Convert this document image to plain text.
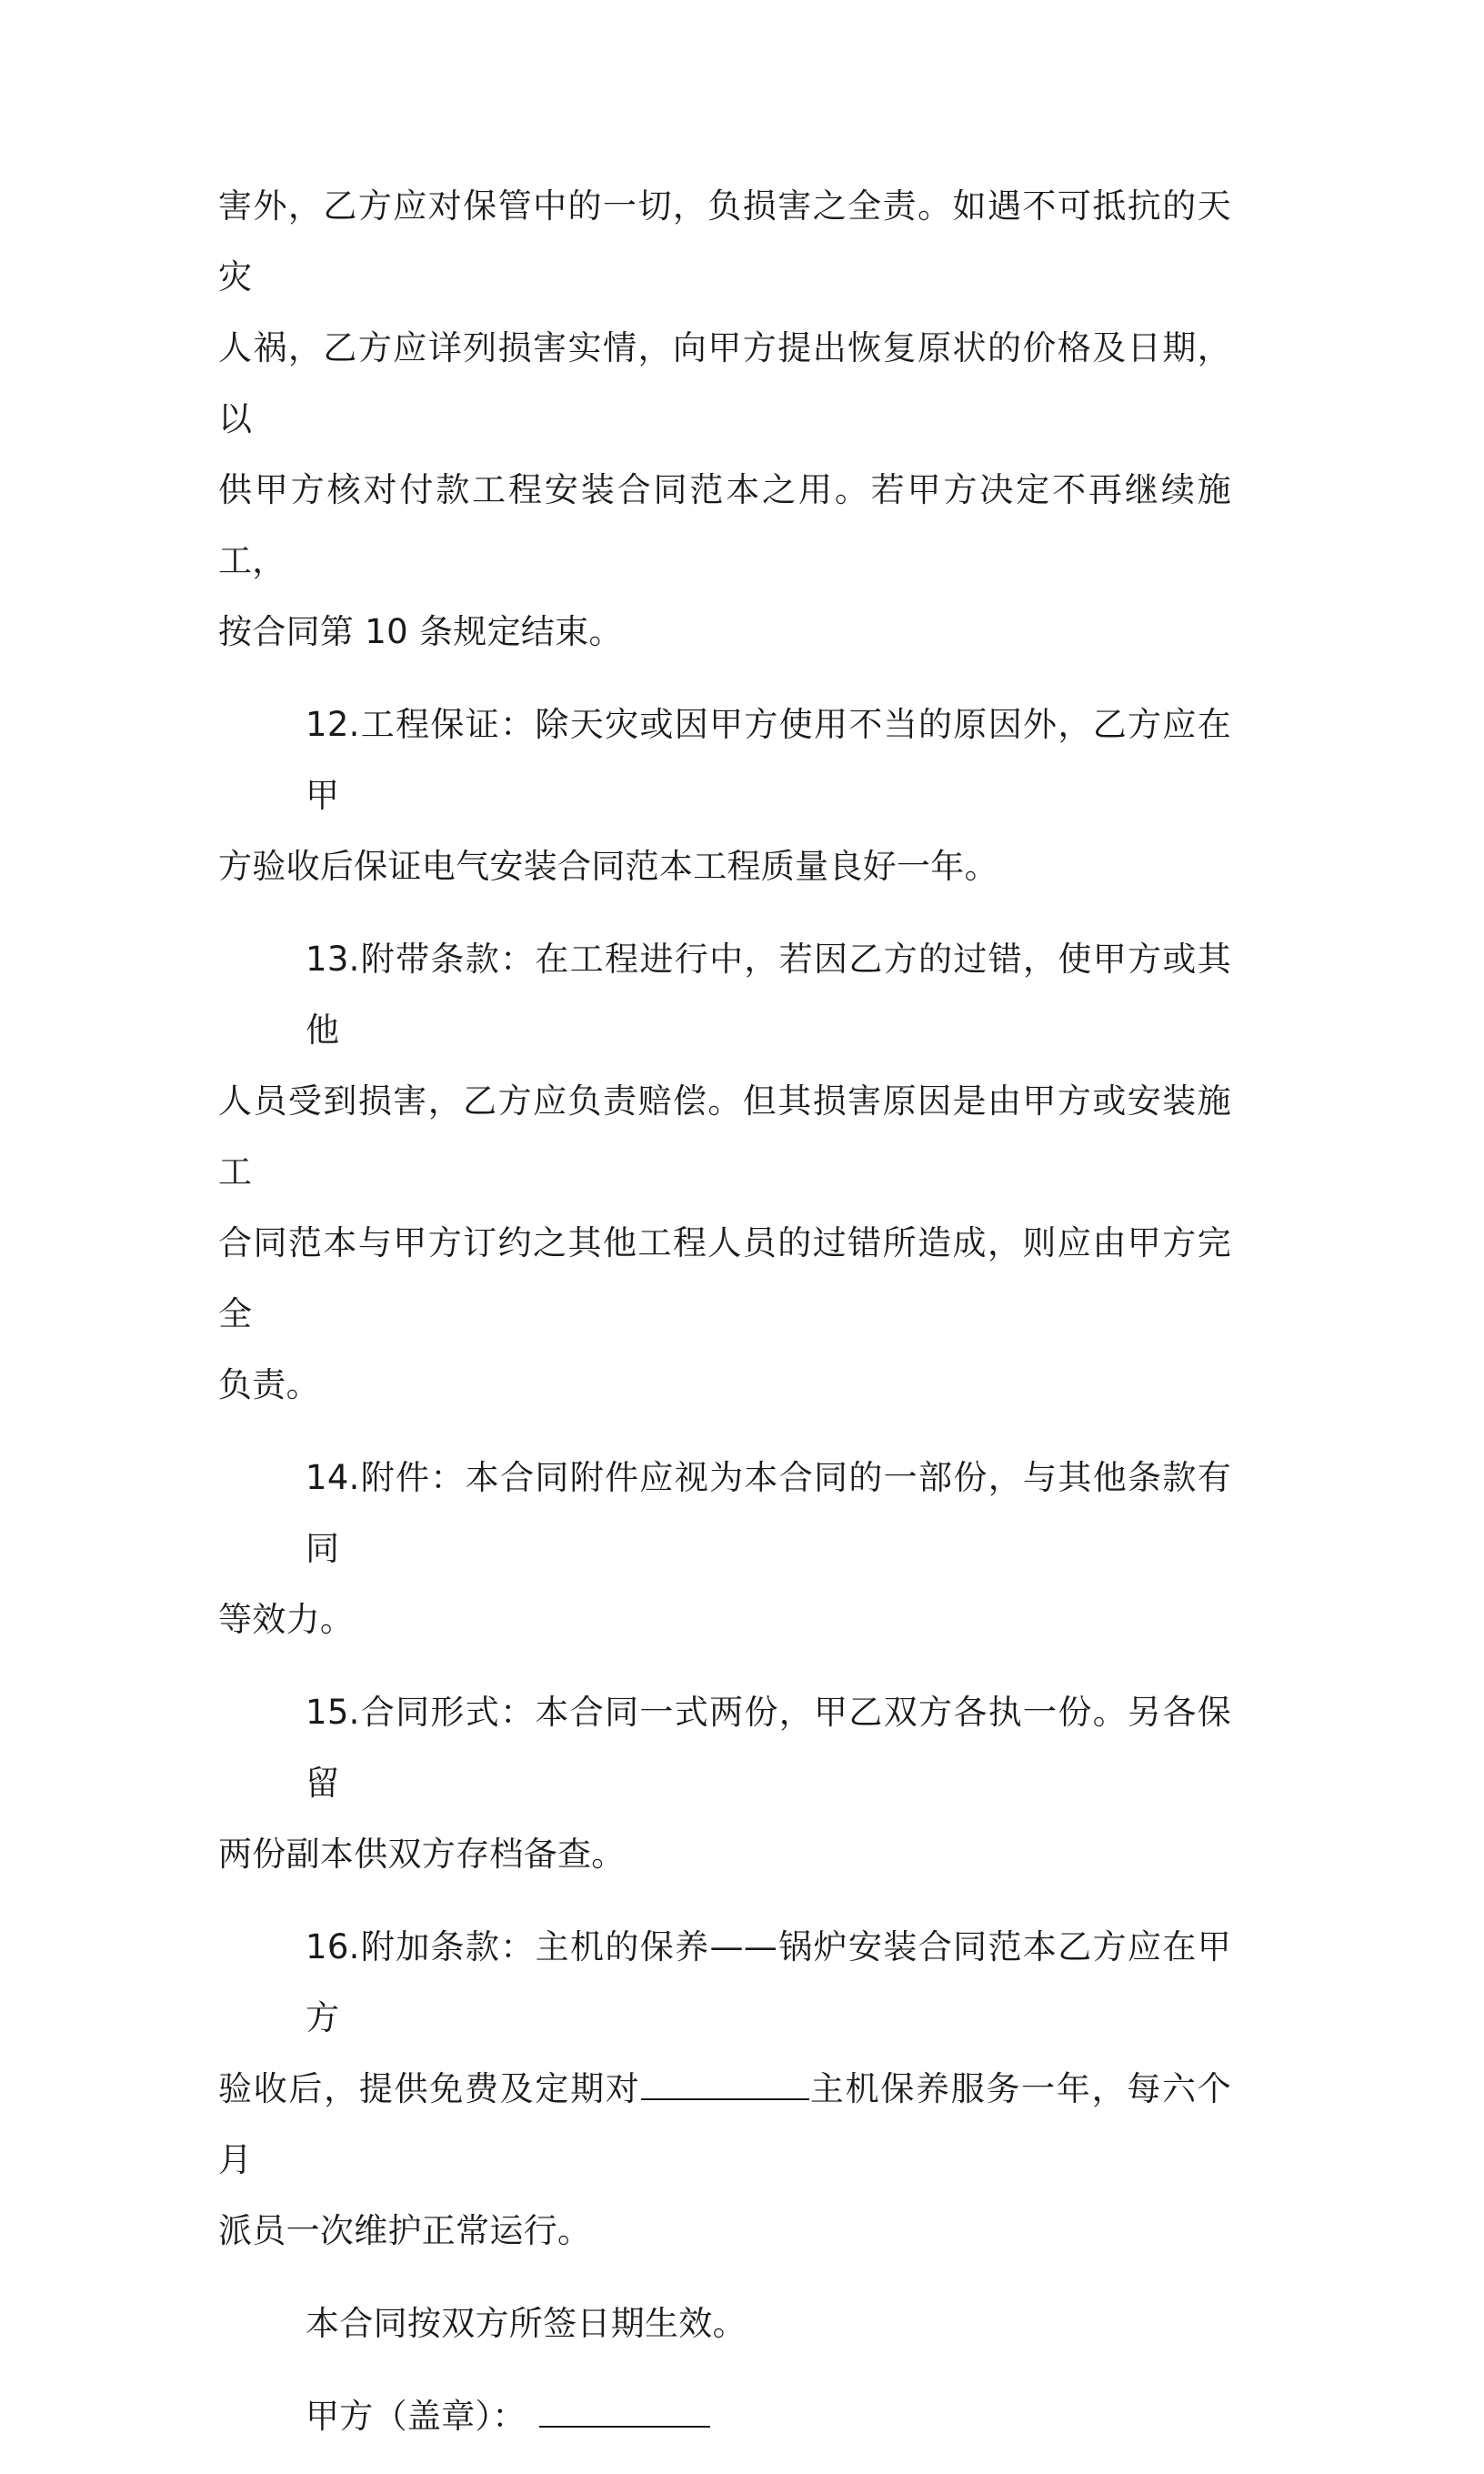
害外，乙方应对保管中的一切，负损害之全责。如遇不可抵抗的天灾
人祸，乙方应详列损害实情，向甲方提出恢复原状的价格及日期，以
供甲方核对付款工程安装合同范本之用。若甲方决定不再继续施工，
按合同第 10 条规定结束。

12.工程保证：除天灾或因甲方使用不当的原因外，乙方应在甲
方验收后保证电气安装合同范本工程质量良好一年。

13.附带条款：在工程进行中，若因乙方的过错，使甲方或其他
人员受到损害，乙方应负责赔偿。但其损害原因是由甲方或安装施工
合同范本与甲方订约之其他工程人员的过错所造成，则应由甲方完全
负责。

14.附件：本合同附件应视为本合同的一部份，与其他条款有同
等效力。

15.合同形式：本合同一式两份，甲乙双方各执一份。另各保留
两份副本供双方存档备查。

16.附加条款：主机的保养——锅炉安装合同范本乙方应在甲方
验收后，提供免费及定期对	主机保养服务一年，每六个月
派员一次维护正常运行。

本合同按双方所签日期生效。

甲方（盖章）：
